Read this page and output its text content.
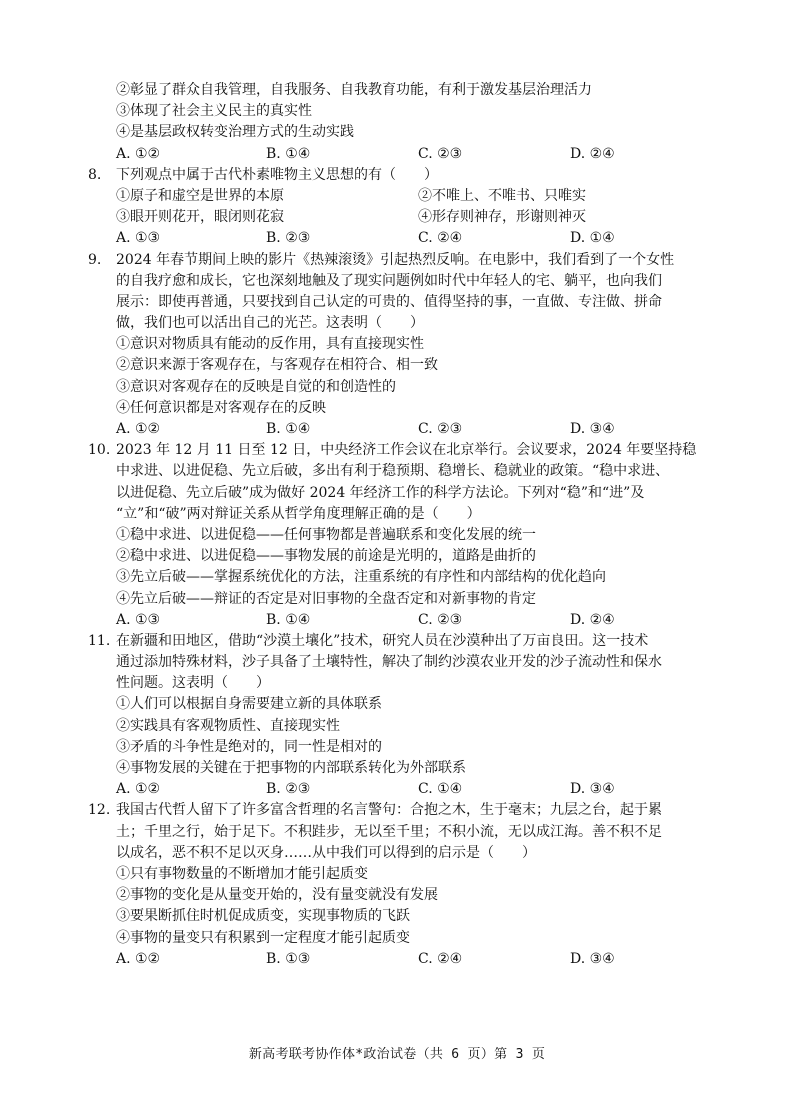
②彰显了群众自我管理，自我服务、自我教育功能，有利于激发基层治理活力
③体现了社会主义民主的真实性
④是基层政权转变治理方式的生动实践
A. ①②	B. ①④	C. ②③	D. ②④
8.	下列观点中属于古代朴素唯物主义思想的有（　　）
①原子和虚空是世界的本原	②不唯上、不唯书、只唯实
③眼开则花开，眼闭则花寂	④形存则神存，形谢则神灭
A. ①③	B. ②③	C. ②④	D. ①④
9.	2024 年春节期间上映的影片《热辣滚烫》引起热烈反响。在电影中，我们看到了一个女性
的自我疗愈和成长，它也深刻地触及了现实问题例如时代中年轻人的宅、躺平，也向我们
展示：即使再普通，只要找到自己认定的可贵的、值得坚持的事，一直做、专注做、拼命
做，我们也可以活出自己的光芒。这表明（　　）
①意识对物质具有能动的反作用，具有直接现实性
②意识来源于客观存在，与客观存在相符合、相一致
③意识对客观存在的反映是自觉的和创造性的
④任何意识都是对客观存在的反映
A. ①②	B. ①④	C. ②③	D. ③④
10. 2023 年 12 月 11 日至 12 日，中央经济工作会议在北京举行。会议要求，2024 年要坚持稳
中求进、以进促稳、先立后破，多出有利于稳预期、稳增长、稳就业的政策。“稳中求进、
以进促稳、先立后破”成为做好 2024 年经济工作的科学方法论。下列对“稳”和“进”及
“立”和“破”两对辩证关系从哲学角度理解正确的是（　　）
①稳中求进、以进促稳——任何事物都是普遍联系和变化发展的统一
②稳中求进、以进促稳——事物发展的前途是光明的，道路是曲折的
③先立后破——掌握系统优化的方法，注重系统的有序性和内部结构的优化趋向
④先立后破——辩证的否定是对旧事物的全盘否定和对新事物的肯定
A. ①③	B. ①④	C. ②③	D. ②④
11. 在新疆和田地区，借助“沙漠土壤化”技术，研究人员在沙漠种出了万亩良田。这一技术
通过添加特殊材料，沙子具备了土壤特性，解决了制约沙漠农业开发的沙子流动性和保水
性问题。这表明（　　）
①人们可以根据自身需要建立新的具体联系
②实践具有客观物质性、直接现实性
③矛盾的斗争性是绝对的，同一性是相对的
④事物发展的关键在于把事物的内部联系转化为外部联系
A. ①②	B. ②③	C. ①④	D. ③④
12. 我国古代哲人留下了许多富含哲理的名言警句：合抱之木，生于毫末；九层之台，起于累
土；千里之行，始于足下。不积跬步，无以至千里；不积小流，无以成江海。善不积不足
以成名，恶不积不足以灭身……从中我们可以得到的启示是（　　）
①只有事物数量的不断增加才能引起质变
②事物的变化是从量变开始的，没有量变就没有发展
③要果断抓住时机促成质变，实现事物质的飞跃
④事物的量变只有积累到一定程度才能引起质变
A. ①②	B. ①③	C. ②④	D. ③④
新高考联考协作体*政治试卷（共 6 页）第 3 页
